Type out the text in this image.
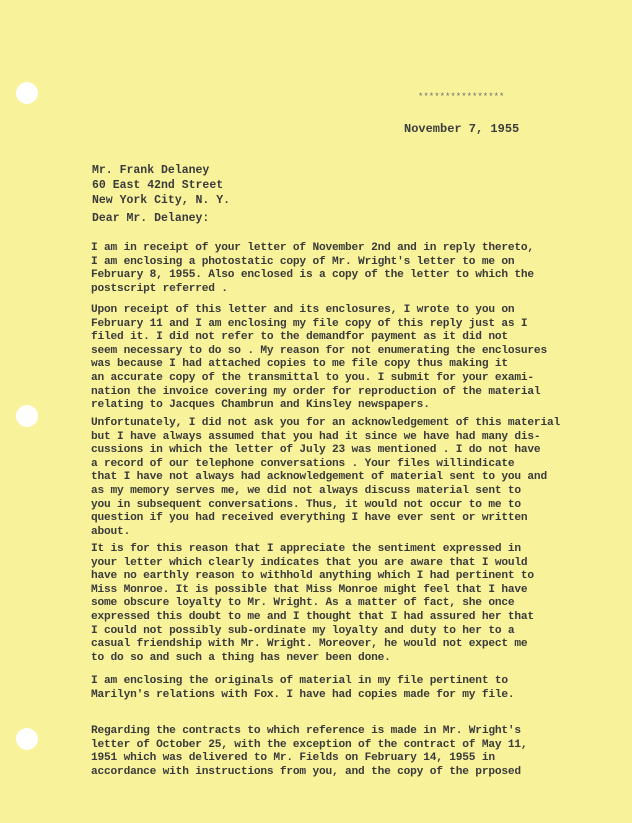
****************
November 7, 1955
Mr. Frank Delaney
60 East 42nd Street
New York City, N. Y.
Dear Mr. Delaney:
I am in receipt of your letter of November 2nd and in reply thereto,
I am enclosing a photostatic copy of Mr. Wright's letter to me on
February 8, 1955. Also enclosed is a copy of the letter to which the
postscript referred .
Upon receipt of this letter and its enclosures, I wrote to you on
February 11 and I am enclosing my file copy of this reply just as I
filed it. I did not refer to the demandfor payment as it did not
seem necessary to do so . My reason for not enumerating the enclosures
was because I had attached copies to me file copy thus making it
an accurate copy of the transmittal to you. I submit for your exami-
nation the invoice covering my order for reproduction of the material
relating to Jacques Chambrun and Kinsley newspapers.
Unfortunately, I did not ask you for an acknowledgement of this material
but I have always assumed that you had it since we have had many dis-
cussions in which the letter of July 23 was mentioned . I do not have
a record of our telephone conversations . Your files willindicate
that I have not always had acknowledgement of material sent to you and
as my memory serves me, we did not always discuss material sent to
you in subsequent conversations. Thus, it would not occur to me to
question if you had received everything I have ever sent or written
about.
It is for this reason that I appreciate the sentiment expressed in
your letter which clearly indicates that you are aware that I would
have no earthly reason to withhold anything which I had pertinent to
Miss Monroe. It is possible that Miss Monroe might feel that I have
some obscure loyalty to Mr. Wright. As a matter of fact, she once
expressed this doubt to me and I thought that I had assured her that
I could not possibly sub-ordinate my loyalty and duty to her to a
casual friendship with Mr. Wright. Moreover, he would not expect me
to do so and such a thing has never been done.
I am enclosing the originals of material in my file pertinent to
Marilyn's relations with Fox. I have had copies made for my file.
Regarding the contracts to which reference is made in Mr. Wright's
letter of October 25, with the exception of the contract of May 11,
1951 which was delivered to Mr. Fields on February 14, 1955 in
accordance with instructions from you, and the copy of the prposed
